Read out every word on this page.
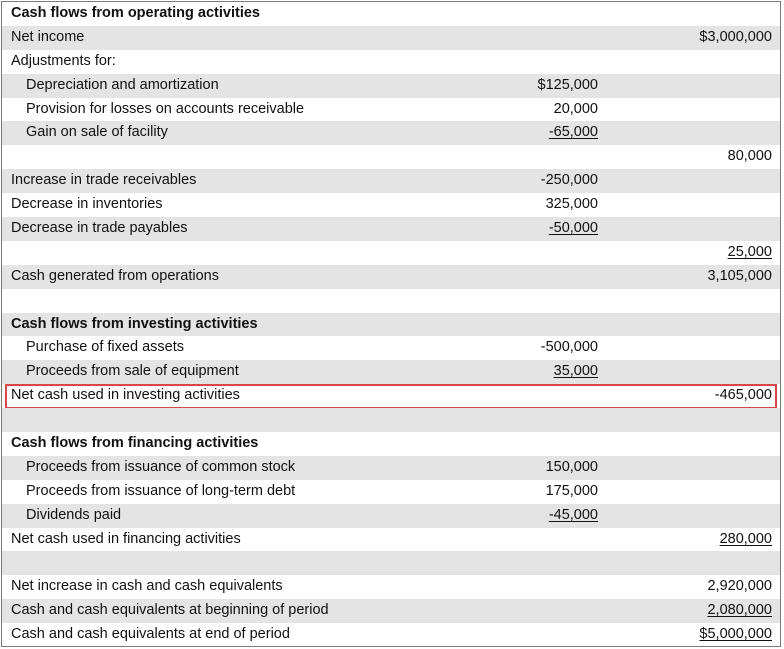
Cash flows from operating activities
Net income	$3,000,000
Adjustments for:
Depreciation and amortization	$125,000
Provision for losses on accounts receivable	20,000
Gain on sale of facility	-65,000
80,000
Increase in trade receivables	-250,000
Decrease in inventories	325,000
Decrease in trade payables	-50,000
25,000
Cash generated from operations	3,105,000
Cash flows from investing activities
Purchase of fixed assets	-500,000
Proceeds from sale of equipment	35,000
Net cash used in investing activities	-465,000
Cash flows from financing activities
Proceeds from issuance of common stock	150,000
Proceeds from issuance of long-term debt	175,000
Dividends paid	-45,000
Net cash used in financing activities	280,000
Net increase in cash and cash equivalents	2,920,000
Cash and cash equivalents at beginning of period	2,080,000
Cash and cash equivalents at end of period	$5,000,000
